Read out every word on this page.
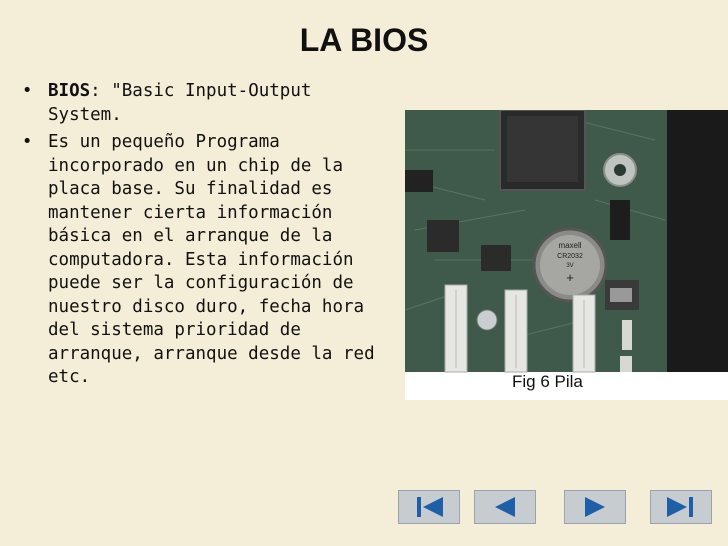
LA BIOS
• BIOS: "Basic Input-Output System.
• Es un pequeño Programa incorporado en un chip de la placa base. Su finalidad es mantener cierta información básica en el arranque de la computadora. Esta información puede ser la configuración de nuestro disco duro, fecha hora del sistema prioridad de arranque, arranque desde la red etc.
maxell
CR2032
3V
+
Fig 6 Pila
